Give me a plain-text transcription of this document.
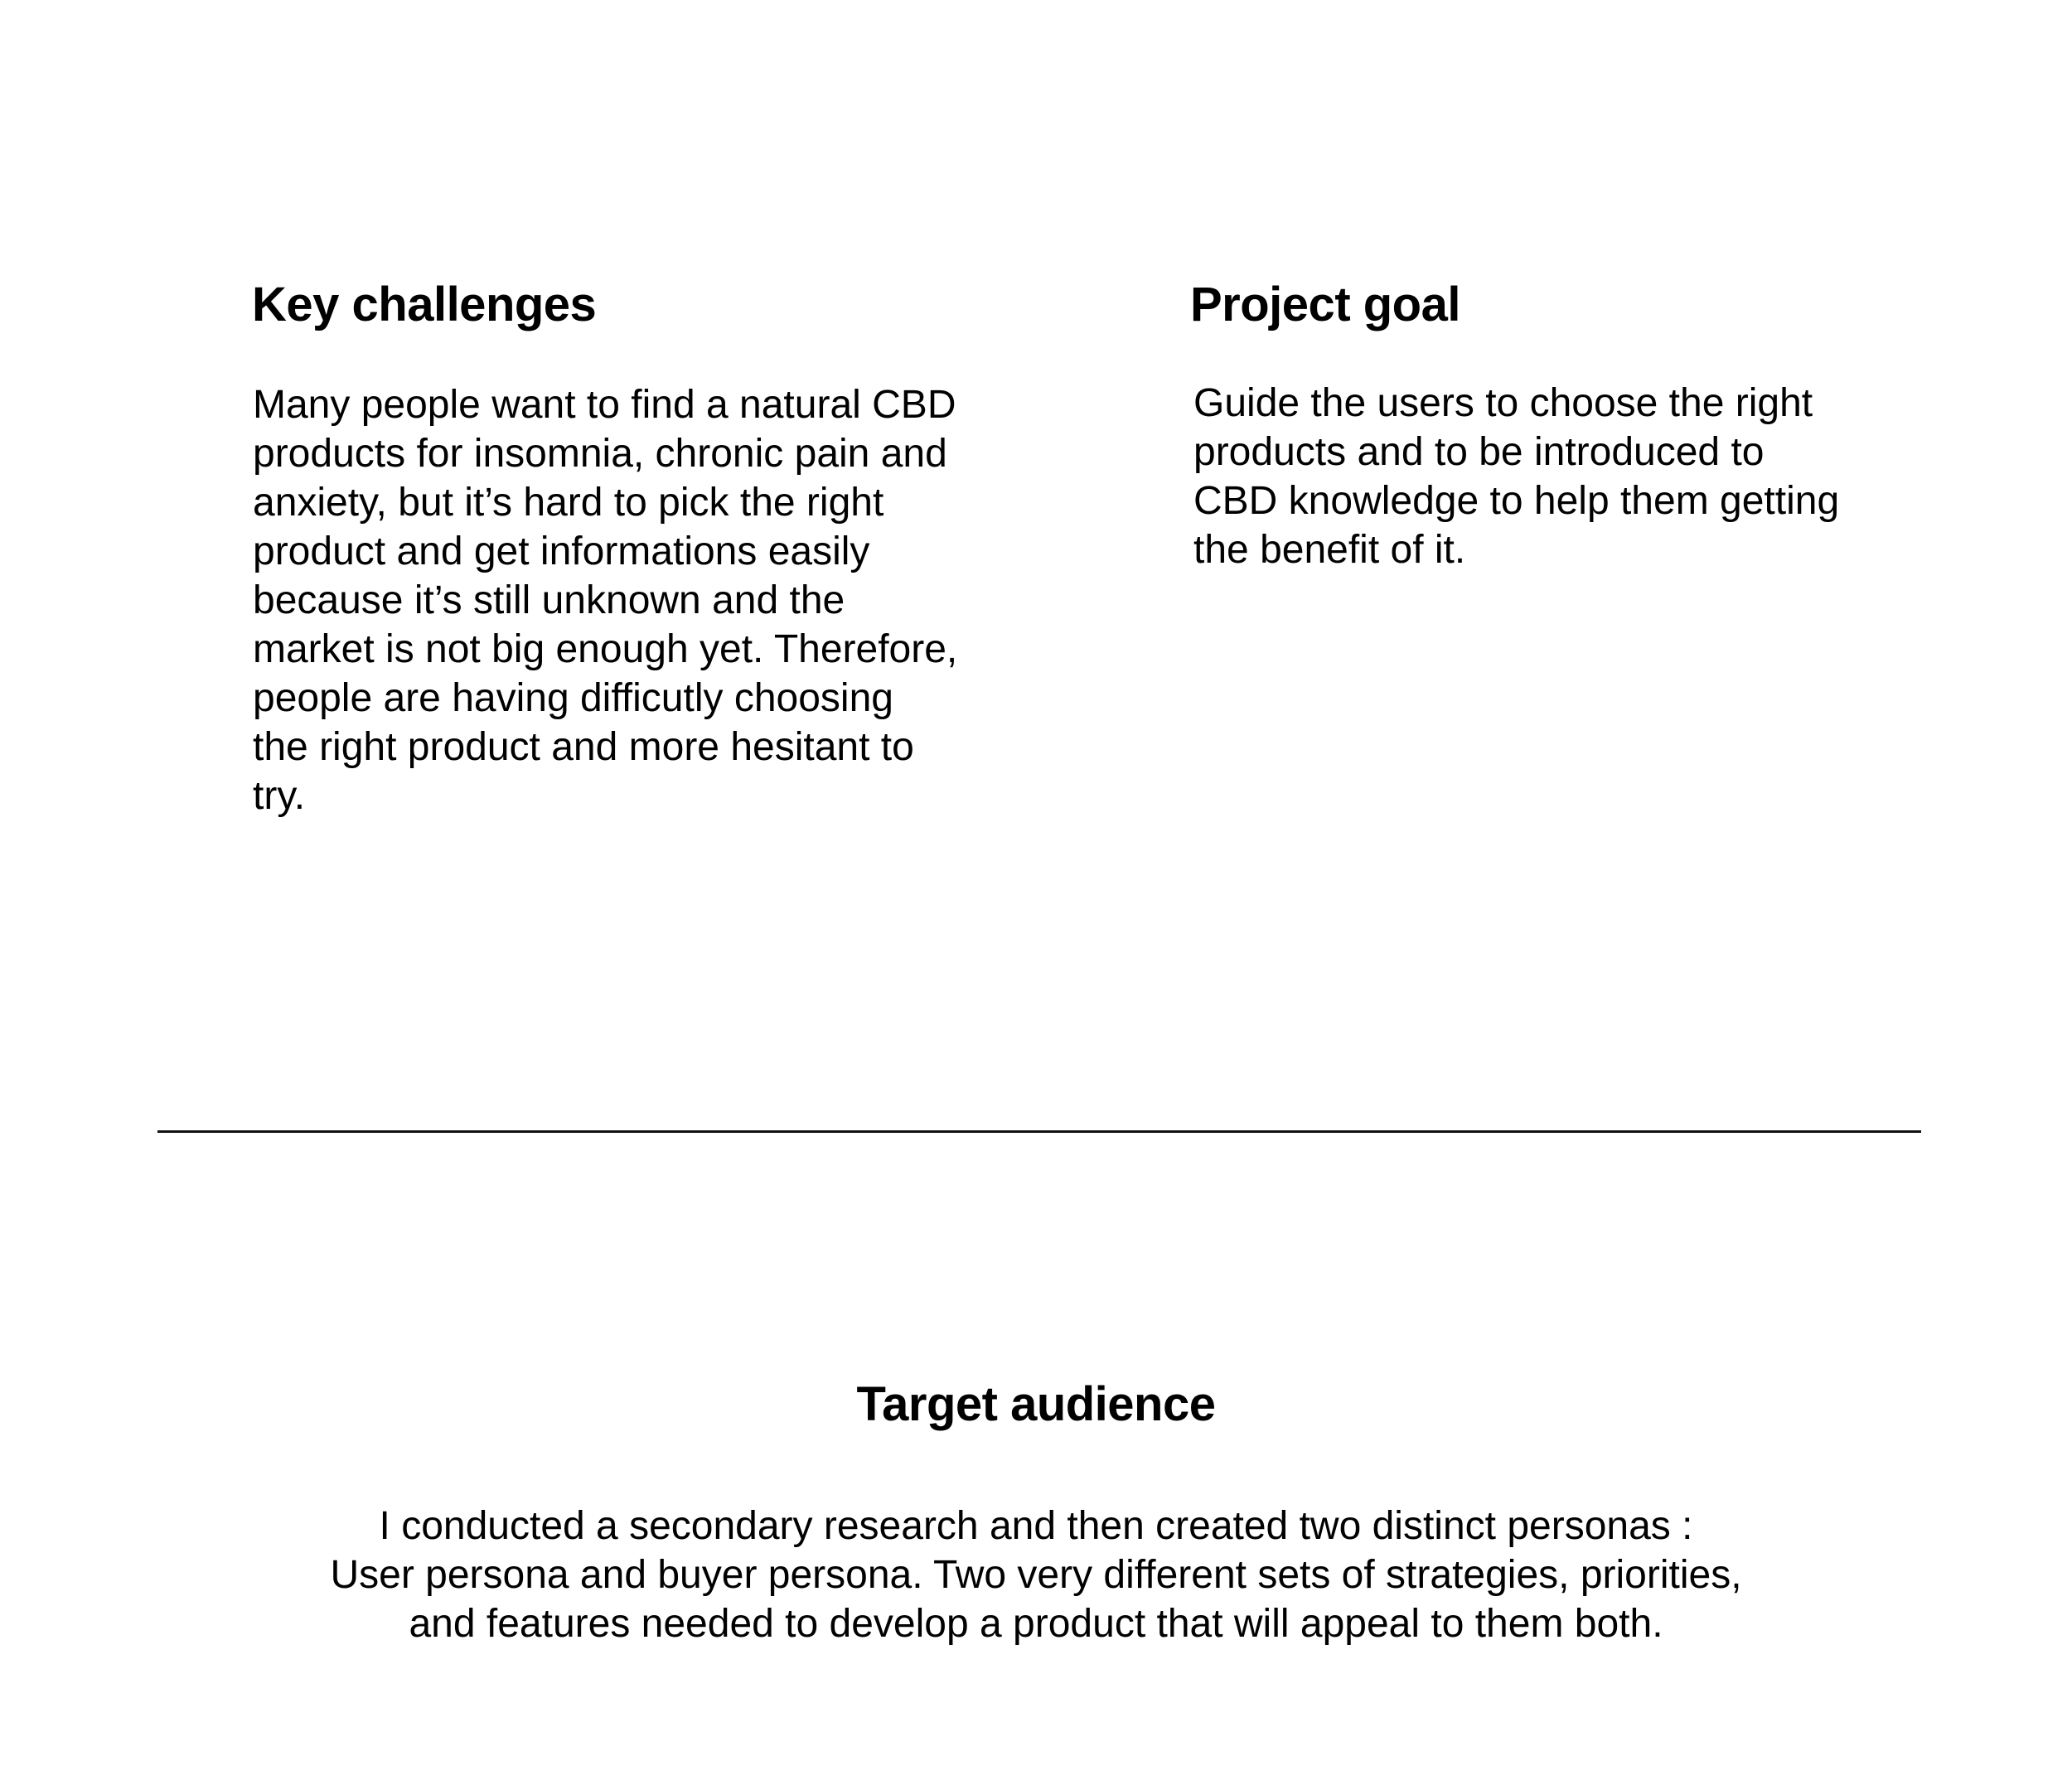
Key challenges

Many people want to find a natural CBD
products for insomnia, chronic pain and
anxiety, but it’s hard to pick the right
product and get informations easily
because it’s still unknown and the
market is not big enough yet. Therefore,
people are having difficutly choosing
the right product and more hesitant to
try.

Project goal

Guide the users to choose the right
products and to be introduced to
CBD knowledge to help them getting
the benefit of it.

Target audience

I conducted a secondary research and then created two distinct personas :
User persona and buyer persona. Two very different sets of strategies, priorities,
and features needed to develop a product that will appeal to them both.
